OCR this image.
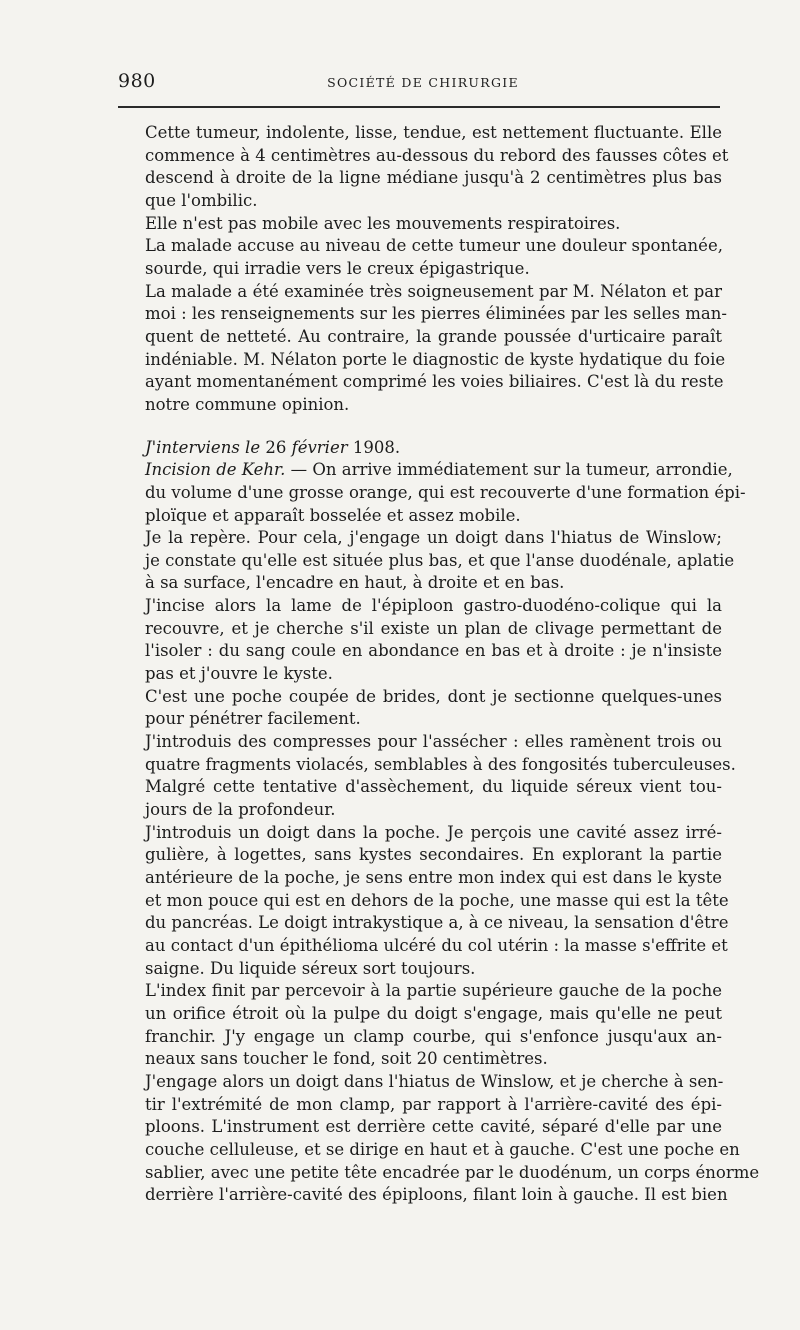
980	SOCIÉTÉ DE CHIRURGIE

Cette tumeur, indolente, lisse, tendue, est nettement fluctuante. Elle
commence à 4 centimètres au-dessous du rebord des fausses côtes et
descend à droite de la ligne médiane jusqu'à 2 centimètres plus bas
que l'ombilic.

Elle n'est pas mobile avec les mouvements respiratoires.

La malade accuse au niveau de cette tumeur une douleur spontanée,
sourde, qui irradie vers le creux épigastrique.

La malade a été examinée très soigneusement par M. Nélaton et par
moi : les renseignements sur les pierres éliminées par les selles man-
quent de netteté. Au contraire, la grande poussée d'urticaire paraît
indéniable. M. Nélaton porte le diagnostic de kyste hydatique du foie
ayant momentanément comprimé les voies biliaires. C'est là du reste
notre commune opinion.

J'interviens le 26 février 1908.

Incision de Kehr. — On arrive immédiatement sur la tumeur, arrondie,
du volume d'une grosse orange, qui est recouverte d'une formation épi-
ploïque et apparaît bosselée et assez mobile.

Je la repère. Pour cela, j'engage un doigt dans l'hiatus de Winslow;
je constate qu'elle est située plus bas, et que l'anse duodénale, aplatie
à sa surface, l'encadre en haut, à droite et en bas.

J'incise alors la lame de l'épiploon gastro-duodéno-colique qui la
recouvre, et je cherche s'il existe un plan de clivage permettant de
l'isoler : du sang coule en abondance en bas et à droite : je n'insiste
pas et j'ouvre le kyste.

C'est une poche coupée de brides, dont je sectionne quelques-unes
pour pénétrer facilement.

J'introduis des compresses pour l'assécher : elles ramènent trois ou
quatre fragments violacés, semblables à des fongosités tuberculeuses.

Malgré cette tentative d'assèchement, du liquide séreux vient tou-
jours de la profondeur.

J'introduis un doigt dans la poche. Je perçois une cavité assez irré-
gulière, à logettes, sans kystes secondaires. En explorant la partie
antérieure de la poche, je sens entre mon index qui est dans le kyste
et mon pouce qui est en dehors de la poche, une masse qui est la tête
du pancréas. Le doigt intrakystique a, à ce niveau, la sensation d'être
au contact d'un épithélioma ulcéré du col utérin : la masse s'effrite et
saigne. Du liquide séreux sort toujours.

L'index finit par percevoir à la partie supérieure gauche de la poche
un orifice étroit où la pulpe du doigt s'engage, mais qu'elle ne peut
franchir. J'y engage un clamp courbe, qui s'enfonce jusqu'aux an-
neaux sans toucher le fond, soit 20 centimètres.

J'engage alors un doigt dans l'hiatus de Winslow, et je cherche à sen-
tir l'extrémité de mon clamp, par rapport à l'arrière-cavité des épi-
ploons. L'instrument est derrière cette cavité, séparé d'elle par une
couche celluleuse, et se dirige en haut et à gauche. C'est une poche en
sablier, avec une petite tête encadrée par le duodénum, un corps énorme
derrière l'arrière-cavité des épiploons, filant loin à gauche. Il est bien
